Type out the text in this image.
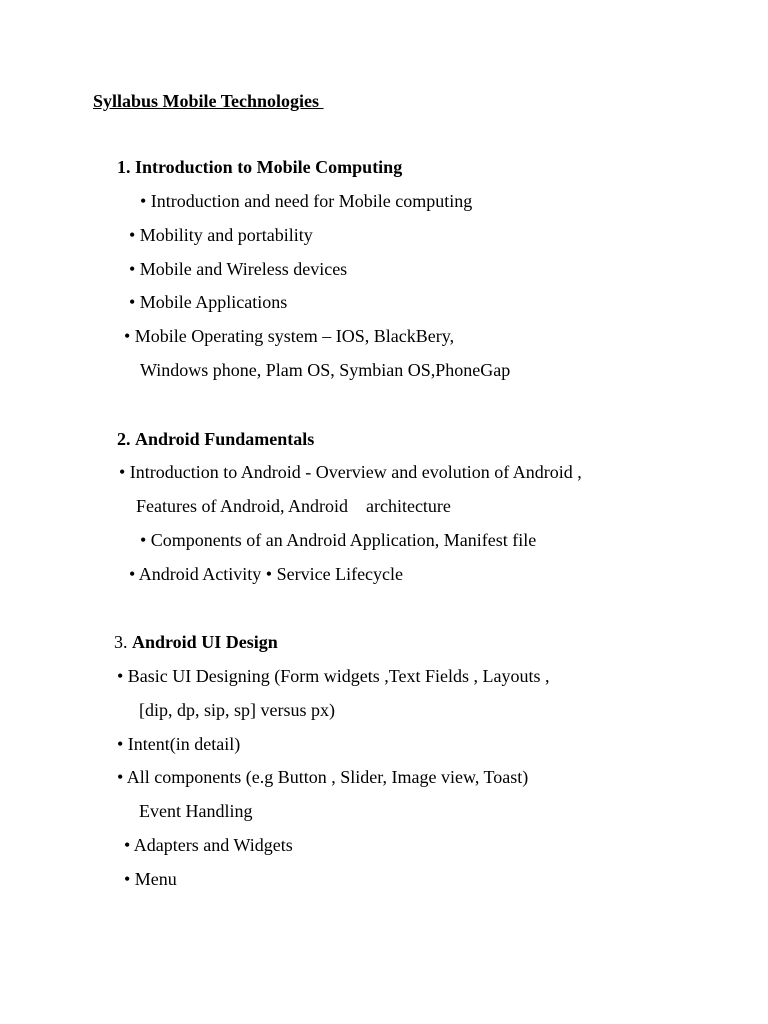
Syllabus Mobile Technologies
1. Introduction to Mobile Computing
• Introduction and need for Mobile computing
• Mobility and portability
• Mobile and Wireless devices
• Mobile Applications
• Mobile Operating system – IOS, BlackBery,
Windows phone, Plam OS, Symbian OS,PhoneGap
2. Android Fundamentals
• Introduction to Android - Overview and evolution of Android ,
Features of Android, Android    architecture
• Components of an Android Application, Manifest file
• Android Activity • Service Lifecycle
3. Android UI Design
• Basic UI Designing (Form widgets ,Text Fields , Layouts ,
[dip, dp, sip, sp] versus px)
• Intent(in detail)
• All components (e.g Button , Slider, Image view, Toast)
Event Handling
• Adapters and Widgets
• Menu
